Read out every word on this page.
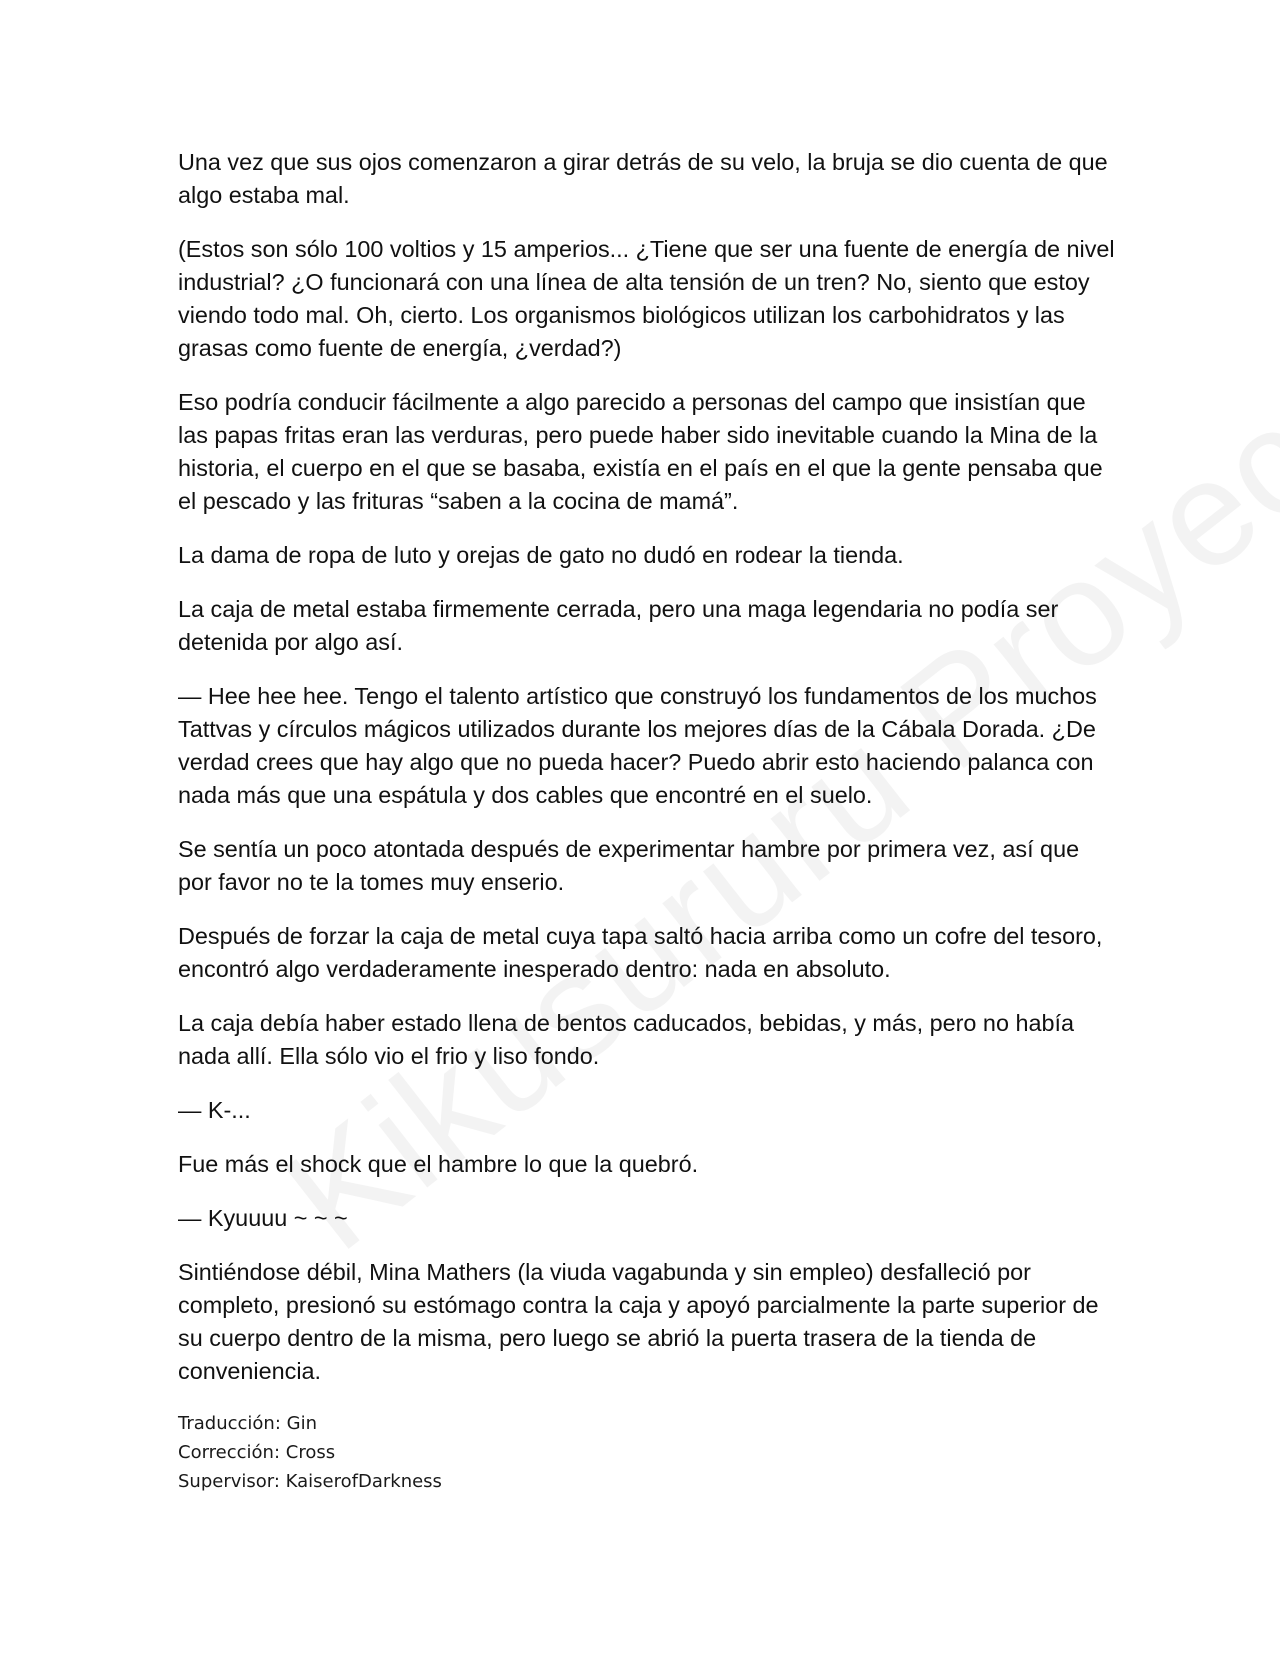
Una vez que sus ojos comenzaron a girar detrás de su velo, la bruja se dio cuenta de que algo estaba mal.

(Estos son sólo 100 voltios y 15 amperios... ¿Tiene que ser una fuente de energía de nivel industrial? ¿O funcionará con una línea de alta tensión de un tren? No, siento que estoy viendo todo mal. Oh, cierto. Los organismos biológicos utilizan los carbohidratos y las grasas como fuente de energía, ¿verdad?)

Eso podría conducir fácilmente a algo parecido a personas del campo que insistían que las papas fritas eran las verduras, pero puede haber sido inevitable cuando la Mina de la historia, el cuerpo en el que se basaba, existía en el país en el que la gente pensaba que el pescado y las frituras “saben a la cocina de mamá”.

La dama de ropa de luto y orejas de gato no dudó en rodear la tienda.

La caja de metal estaba firmemente cerrada, pero una maga legendaria no podía ser detenida por algo así.

— Hee hee hee. Tengo el talento artístico que construyó los fundamentos de los muchos Tattvas y círculos mágicos utilizados durante los mejores días de la Cábala Dorada. ¿De verdad crees que hay algo que no pueda hacer? Puedo abrir esto haciendo palanca con nada más que una espátula y dos cables que encontré en el suelo.

Se sentía un poco atontada después de experimentar hambre por primera vez, así que por favor no te la tomes muy enserio.

Después de forzar la caja de metal cuya tapa saltó hacia arriba como un cofre del tesoro, encontró algo verdaderamente inesperado dentro: nada en absoluto.

La caja debía haber estado llena de bentos caducados, bebidas, y más, pero no había nada allí. Ella sólo vio el frio y liso fondo.

— K-...

Fue más el shock que el hambre lo que la quebró.

— Kyuuuu ~ ~ ~

Sintiéndose débil, Mina Mathers (la viuda vagabunda y sin empleo) desfalleció por completo, presionó su estómago contra la caja y apoyó parcialmente la parte superior de su cuerpo dentro de la misma, pero luego se abrió la puerta trasera de la tienda de conveniencia.

Traducción: Gin

Corrección: Cross

Supervisor: KaiserofDarkness
